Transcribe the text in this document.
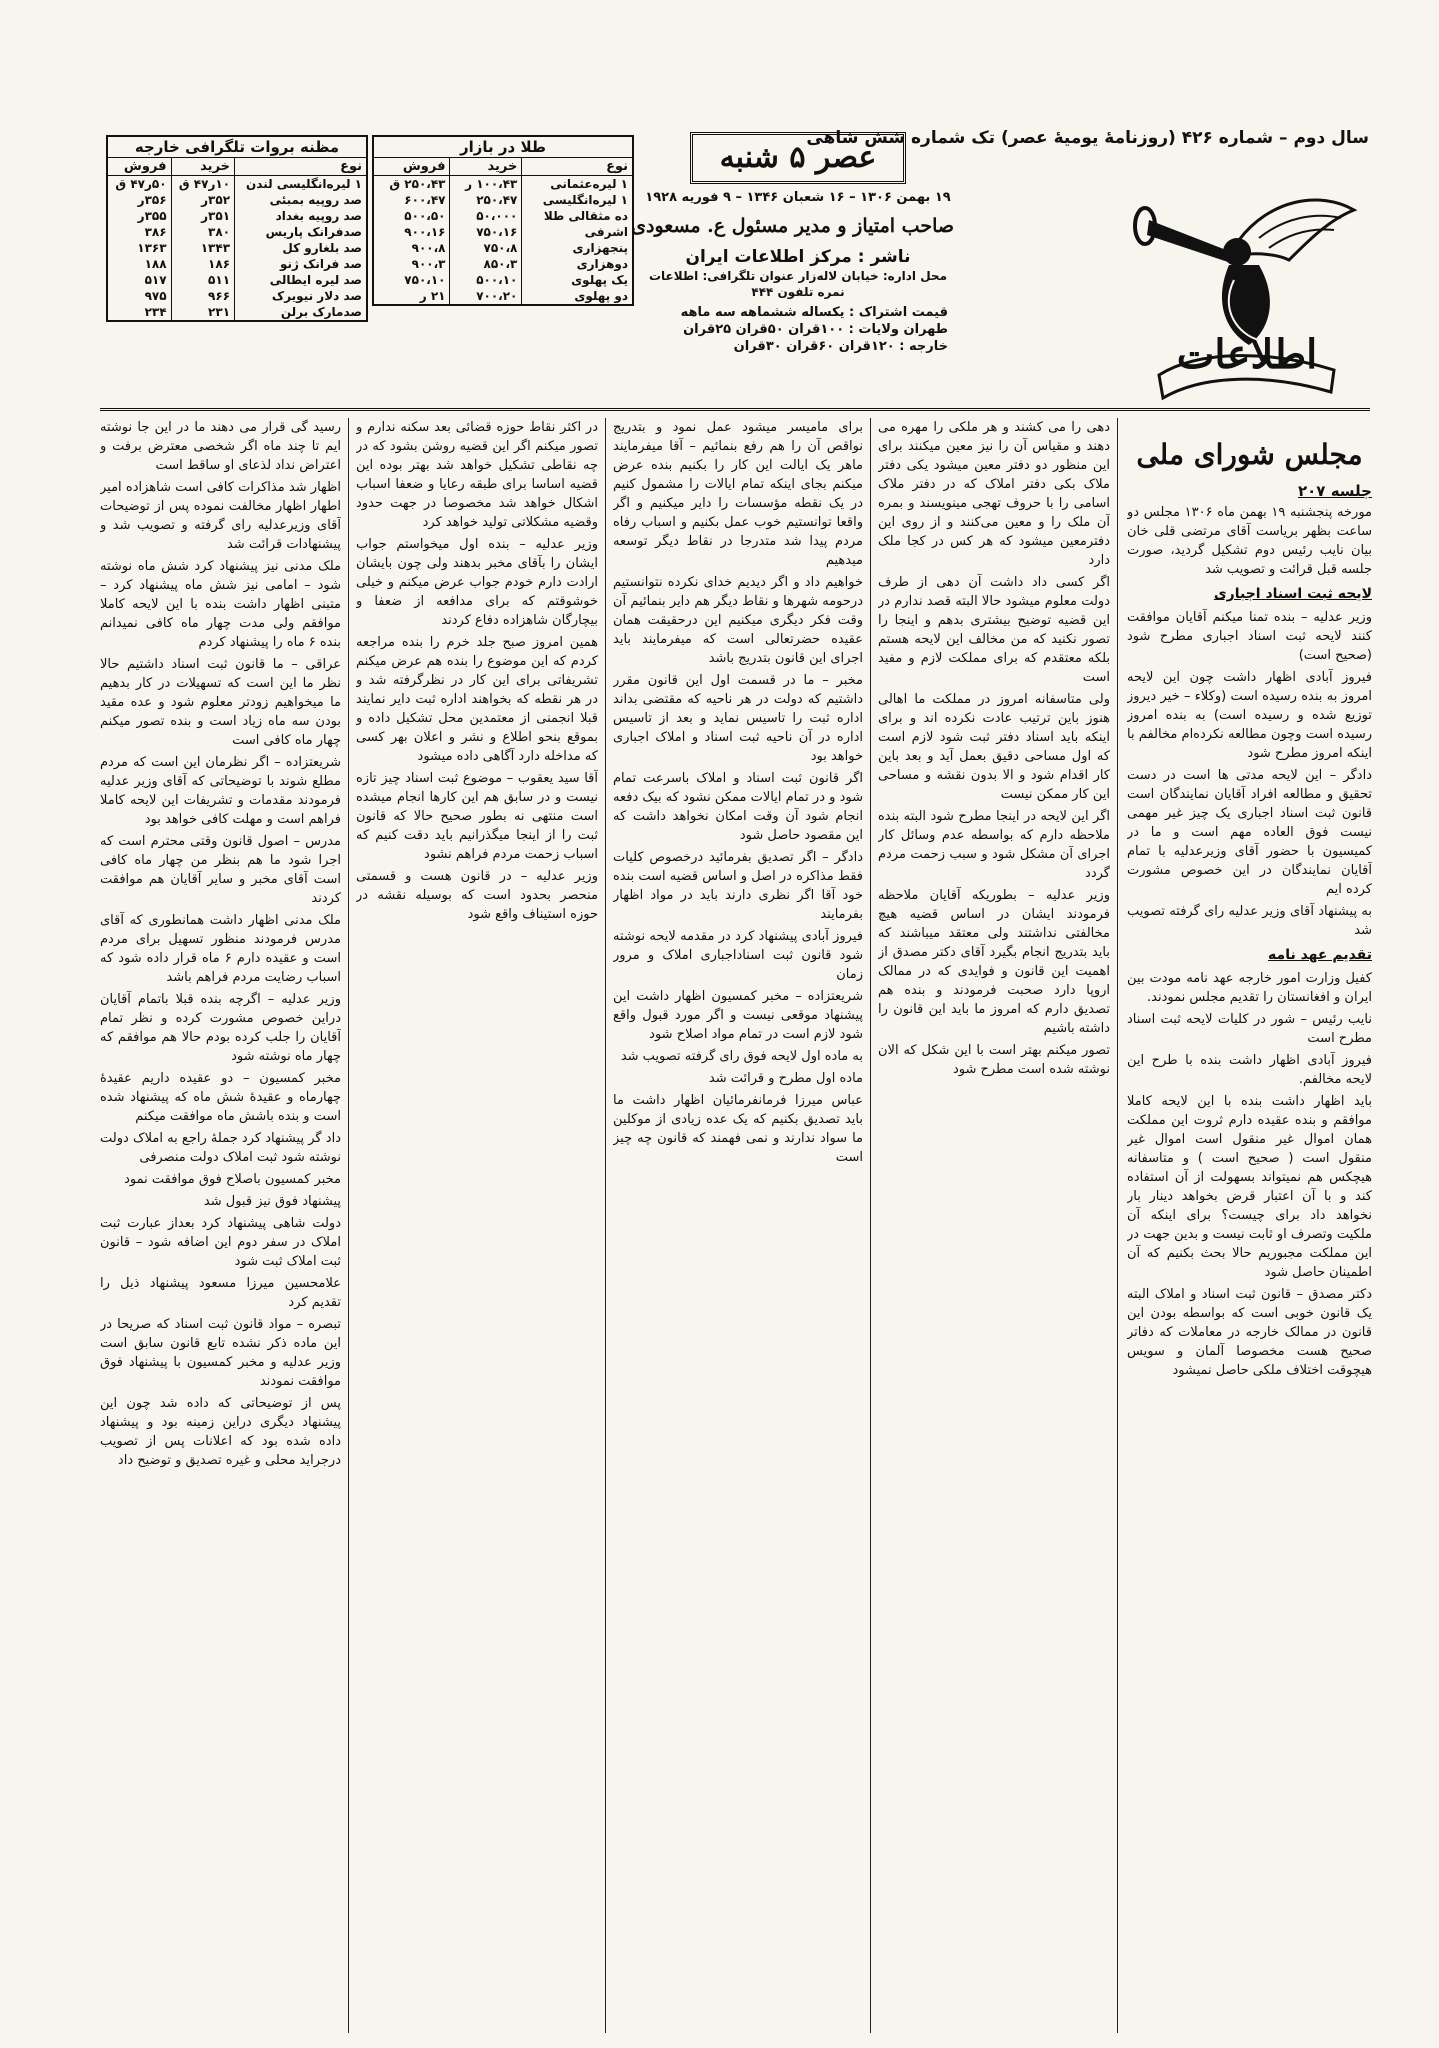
سال دوم – شماره ۴۲۶ (روزنامهٔ یومیهٔ عصر) تک شماره شش شاهی
اطلاعات
عصر ۵ شنبه
۱۹ بهمن ۱۳۰۶ – ۱۶ شعبان ۱۳۴۶ – ۹ فوریه ۱۹۲۸
صاحب امتیاز و مدیر مسئول ع. مسعودی
ناشر : مرکز اطلاعات ایران
محل اداره: خیابان لاله‌زار عنوان تلگرافی: اطلاعات
نمره تلفون ۴۴۴
قیمت اشتراک : یکساله ششماهه سه ماهه
طهران ولایات : ۱۰۰قران ۵۰قران ۲۵قران
خارجه : ۱۲۰قران ۶۰قران ۳۰قران
طلا در بازار		
نوع	خرید	فروش
۱ لیره‌عثمانی	۱۰۰،۴۳ ر	۲۵۰،۴۳ ق
۱ لیره‌انگلیسی	۲۵۰،۴۷	۶۰۰،۴۷
ده مثقالی طلا	۵۰،۰۰۰	۵۰۰،۵۰
اشرفی	۷۵۰،۱۶	۹۰۰،۱۶
پنجهزاری	۷۵۰،۸	۹۰۰،۸
دوهزاری	۸۵۰،۳	۹۰۰،۳
یک پهلوی	۵۰۰،۱۰	۷۵۰،۱۰
دو پهلوی	۷۰۰،۲۰	۲۱ ر
مظنه بروات تلگرافی خارجه		
نوع	خرید	فروش
۱ لیره‌انگلیسی لندن	۱۰ر۴۷ ق	۵۰ر۴۷ ق
صد روپیه بمبئی	۳۵۲ر	۳۵۶ر
صد روپیه بغداد	۳۵۱ر	۳۵۵ر
صدفرانک پاریس	۳۸۰	۳۸۶
صد بلغارو کل	۱۳۴۳	۱۳۶۳
صد فرانک ژنو	۱۸۶	۱۸۸
صد لیره ایطالی	۵۱۱	۵۱۷
صد دلار نیویرک	۹۶۶	۹۷۵
صدمارک برلن	۲۳۱	۲۳۴
مجلس شورای ملی
جلسه ۲۰۷

مورخه پنجشنبه ۱۹ بهمن ماه ۱۳۰۶ مجلس دو ساعت بظهر بریاست آقای مرتضی قلی خان بیان نایب رئیس دوم تشکیل گردید، صورت جلسه قبل قرائت و تصویب شد

لایحه ثبت اسناد اجباری

وزیر عدلیه – بنده تمنا میکنم آقایان موافقت کنند لایحه ثبت اسناد اجباری مطرح شود (صحیح است)

فیروز آبادی اظهار داشت چون این لایحه امروز به بنده رسیده است (وکلاء – خیر دیروز توزیع شده و رسیده است) به بنده امروز رسیده است وچون مطالعه نکرده‌ام مخالفم با اینکه امروز مطرح شود

داد‌گر – این لایحه مدتی ها است در دست تحقیق و مطالعه افراد آقایان نمایندگان است قانون ثبت اسناد اجباری یک چیز غیر مهمی نیست فوق العاده مهم است و ما در کمیسیون با حضور آقای وزیرعدلیه با تمام آقایان نمایندگان در این خصوص مشورت کرده ایم

به پیشنهاد آقای وزیر عدلیه رای گرفته تصویب شد

تقدیم عهد نامه

کفیل وزارت امور خارجه عهد نامه مودت بین ایران و افغانستان را تقدیم مجلس نمودند.

نایب رئیس – شور در کلیات لایحه ثبت اسناد مطرح است

فیروز آبادی اظهار داشت بنده با طرح این لایحه مخالفم.

باید اظهار داشت بنده با این لایحه کاملا موافقم و بنده عقیده دارم ثروت این مملکت همان اموال غیر منقول است اموال غیر منقول است ( صحیح است ) و متاسفانه هیچکس هم نمیتواند بسهولت از آن استفاده کند و با آن اعتبار قرض بخواهد دینار بار نخواهد داد برای چیست؟ برای اینکه آن ملکیت وتصرف او ثابت نیست و بدین جهت در این مملکت مجبوریم حالا بحث بکنیم که آن اطمینان حاصل شود

دکتر مصدق – قانون ثبت اسناد و املاک البته یک قانون خوبی است که بواسطه بودن این قانون در ممالک خارجه در معاملات که دفاتر صحیح هست مخصوصا آلمان و سویس هیچوقت اختلاف ملکی حاصل نمیشود

دهی را می کشند و هر ملکی را مهره می دهند و مقیاس آن را نیز معین میکنند برای این منظور دو دفتر معین میشود یکی دفتر ملاک بکی دفتر املاک که در دفتر ملاک اسامی را با حروف تهجی مینویسند و بمره آن ملک را و معین می‌کنند و از روی این دفترمعین میشود که هر کس در کجا ملک دارد

اگر کسی داد داشت آن دهی از طرف دولت معلوم میشود حالا البته قصد ندارم در این قضیه توضیح بیشتری بدهم و اینجا را تصور نکنید که من مخالف این لایحه هستم بلکه معتقدم که برای مملکت لازم و مفید است

ولی متاسفانه امروز در مملکت ما اهالی هنوز باین ترتیب عادت نکرده اند و برای اینکه باید اسناد دفتر ثبت شود لازم است که اول مساحی دقیق بعمل آید و بعد باین کار اقدام شود و الا بدون نقشه و مساحی این کار ممکن نیست

اگر این لایحه در اینجا مطرح شود البته بنده ملاحظه دارم که بواسطه عدم وسائل کار اجرای آن مشکل شود و سبب زحمت مردم گردد

وزیر عدلیه – بطوریکه آقایان ملاحظه فرمودند ایشان در اساس قضیه هیچ مخالفتی نداشتند ولی معتقد میباشند که باید بتدریج انجام بگیرد آقای دکتر مصدق از اهمیت این قانون و فوایدی که در ممالک اروپا دارد صحبت فرمودند و بنده هم تصدیق دارم که امروز ما باید این قانون را داشته باشیم

تصور میکنم بهتر است با این شکل که الان نوشته شده است مطرح شود

برای مامیسر میشود عمل نمود و بتدریج نواقص آن را هم رفع بنمائیم – آقا میفرمایند ماهر یک ایالت این کار را بکنیم بنده عرض میکنم بجای اینکه تمام ایالات را مشمول کنیم در یک نقطه مؤسسات را دایر میکنیم و اگر واقعا توانستیم خوب عمل بکنیم و اسباب رفاه مردم پیدا شد متدرجا در نقاط دیگر توسعه میدهیم

خواهیم داد و اگر دیدیم خدای نکرده نتوانستیم درحومه شهرها و نقاط دیگر هم دایر بنمائیم آن وقت فکر دیگری میکنیم این درحقیقت همان عقیده حضرتعالی است که میفرمایند باید اجرای این قانون بتدریج باشد

مخبر – ما در قسمت اول این قانون مقرر داشتیم که دولت در هر ناحیه که مقتضی بداند اداره ثبت را تاسیس نماید و بعد از تاسیس اداره در آن ناحیه ثبت اسناد و املاک اجباری خواهد بود

اگر قانون ثبت اسناد و املاک باسرعت تمام شود و در تمام ایالات ممکن نشود که بیک دفعه انجام شود آن وقت امکان نخواهد داشت که این مقصود حاصل شود

داد‌گر – اگر تصدیق بفرمائید درخصوص کلیات فقط مذاکره در اصل و اساس قضیه است بنده خود آقا اگر نظری دارند باید در مواد اظهار بفرمایند

فیروز آبادی پیشنهاد کرد در مقدمه لایحه نوشته شود قانون ثبت اسناداجباری املاک و مرور زمان

شریعتزاده – مخبر کمسیون اظهار داشت این پیشنهاد موقعی نیست و اگر مورد قبول واقع شود لازم است در تمام مواد اصلاح شود

به ماده اول لایحه فوق رای گرفته تصویب شد

ماده اول مطرح و قرائت شد

عباس میرزا فرمانفرمائیان اظهار داشت ما باید تصدیق بکنیم که یک عده زیادی از موکلین ما سواد ندارند و نمی فهمند که قانون چه چیز است

در اکثر نقاط حوزه قضائی بعد سکنه ندارم و تصور میکنم اگر این قضیه روشن بشود که در چه نقاطی تشکیل خواهد شد بهتر بوده این قضیه اساسا برای طبقه رعایا و ضعفا اسباب اشکال خواهد شد مخصوصا در جهت حدود وقضیه مشکلاتی تولید خواهد کرد

وزیر عدلیه – بنده اول میخواستم جواب ایشان را بآقای مخبر بدهند ولی چون بایشان ارادت دارم خودم جواب عرض میکنم و خیلی خوشوقتم که برای مدافعه از ضعفا و بیچارگان شاهزاده دفاع کردند

همین امروز صبح جلد خرم را بنده مراجعه کردم که این موضوع را بنده هم عرض میکنم تشریفاتی برای این کار در نظرگرفته شد و در هر نقطه که بخواهند اداره ثبت دایر نمایند قبلا انجمنی از معتمدین محل تشکیل داده و بموقع بنحو اطلاع و نشر و اعلان بهر کسی که مداخله دارد آگاهی داده میشود

آقا سید یعقوب – موضوع ثبت اسناد چیز تازه نیست و در سابق هم این کارها انجام میشده است منتهی نه بطور صحیح حالا که قانون ثبت را از اینجا میگذرانیم باید دقت کنیم که اسباب زحمت مردم فراهم نشود

وزیر عدلیه – در قانون هست و قسمتی منحصر بحدود است که بوسیله نقشه در حوزه استیناف واقع شود

رسید گی قرار می دهند ما در این جا نوشته ایم تا چند ماه اگر شخصی معترض برفت و اعتراض نداد لذعای او ساقط است

اظهار شد مذاکرات کافی است شاهزاده امیر اطهار اظهار مخالفت نموده پس از توضیحات آقای وزیرعدلیه رای گرفته و تصویب شد و پیشنهادات قرائت شد

ملک مدنی نیز پیشنهاد کرد شش ماه نوشته شود – امامی نیز شش ماه پیشنهاد کرد – متبنی اظهار داشت بنده با این لایحه کاملا موافقم ولی مدت چهار ماه کافی نمیدانم بنده ۶ ماه را پیشنهاد کردم

عراقی – ما قانون ثبت اسناد داشتیم حالا نظر ما این است که تسهیلات در کار بدهیم ما میخواهیم زودتر معلوم شود و عده مقید بودن سه ماه زیاد است و بنده تصور میکنم چهار ماه کافی است

شریعتزاده – اگر نظرمان این است که مردم مطلع شوند با توضیحاتی که آقای وزیر عدلیه فرمودند مقدمات و تشریفات این لایحه کاملا فراهم است و مهلت کافی خواهد بود

مدرس – اصول قانون وقتی محترم است که اجرا شود ما هم بنظر من چهار ماه کافی است آقای مخبر و سایر آقایان هم موافقت کردند

ملک مدنی اظهار داشت همانطوری که آقای مدرس فرمودند منظور تسهیل برای مردم است و عقیده دارم ۶ ماه قرار داده شود که اسباب رضایت مردم فراهم باشد

وزیر عدلیه – اگرچه بنده قبلا باتمام آقایان دراین خصوص مشورت کرده و نظر تمام آقایان را جلب کرده بودم حالا هم موافقم که چهار ماه نوشته شود

مخبر کمسیون – دو عقیده داریم عقیدهٔ چهارماه و عقیدهٔ شش ماه که پیشنهاد شده است و بنده باشش ماه موافقت میکنم

داد گر پیشنهاد کرد جملهٔ راجع به املاک دولت نوشته شود ثبت املاک دولت منصرفی

مخبر کمسیون باصلاح فوق موافقت نمود

پیشنهاد فوق نیز قبول شد

دولت شاهی پیشنهاد کرد بعداز عبارت ثبت املاک در سفر دوم این اضافه شود – قانون ثبت املاک ثبت شود

علامحسین میرزا مسعود پیشنهاد ذیل را تقدیم کرد

تبصره – مواد قانون ثبت اسناد که صریحا در این ماده ذکر نشده تابع قانون سابق است وزیر عدلیه و مخبر کمسیون با پیشنهاد فوق موافقت نمودند

پس از توضیحاتی که داده شد چون این پیشنهاد دیگری دراین زمینه بود و پیشنهاد داده شده بود که اعلانات پس از تصویب درجراید محلی و غیره تصدیق و توضیح داد
